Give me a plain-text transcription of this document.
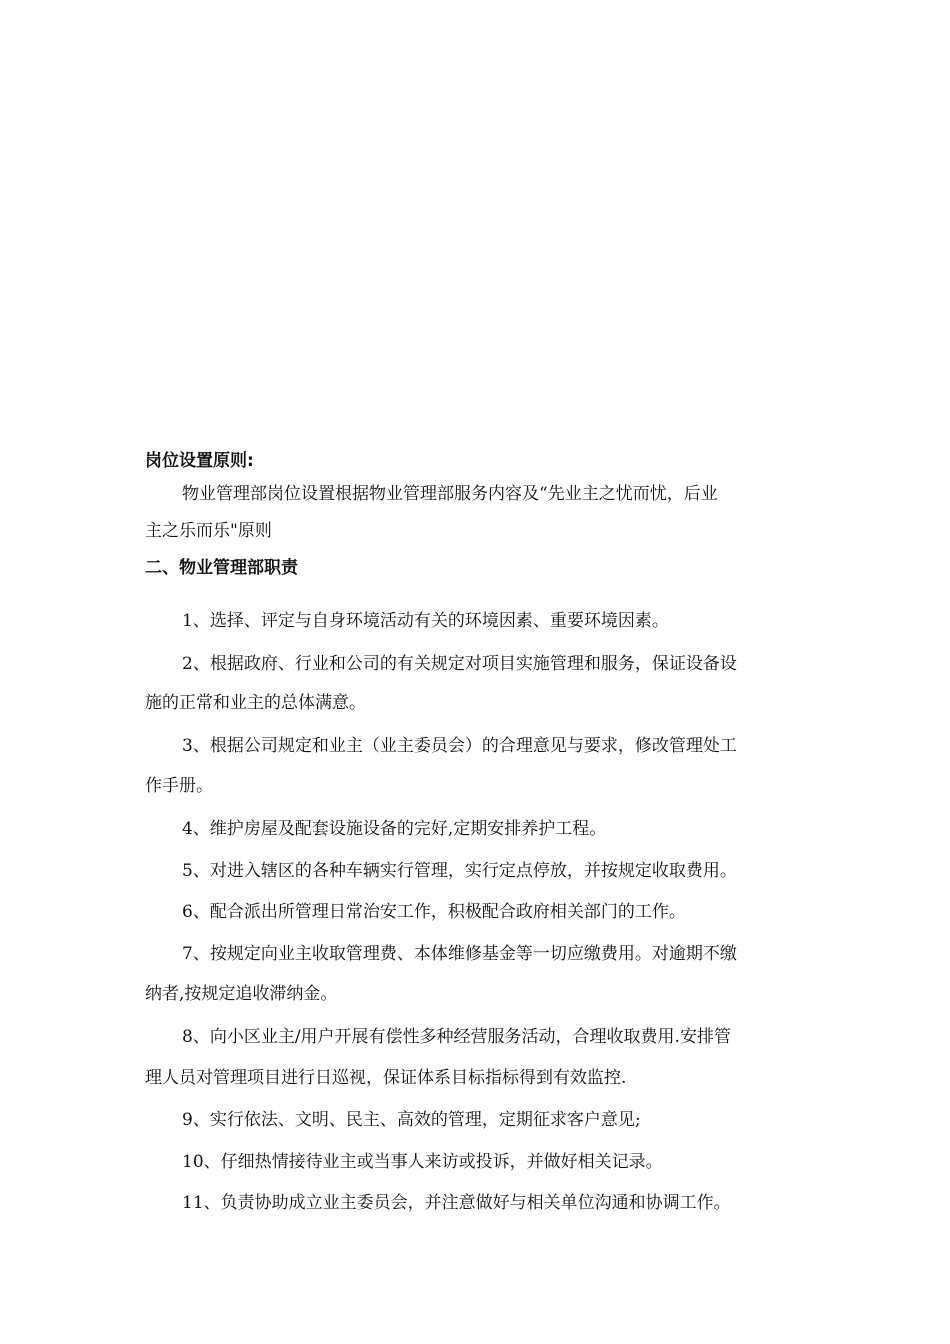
岗位设置原则:
物业管理部岗位设置根据物业管理部服务内容及“先业主之忧而忧，后业
主之乐而乐"原则
二、物业管理部职责
1、选择、评定与自身环境活动有关的环境因素、重要环境因素。
2、根据政府、行业和公司的有关规定对项目实施管理和服务，保证设备设
施的正常和业主的总体满意。
3、根据公司规定和业主（业主委员会）的合理意见与要求，修改管理处工
作手册。
4、维护房屋及配套设施设备的完好,定期安排养护工程。
5、对进入辖区的各种车辆实行管理，实行定点停放，并按规定收取费用。
6、配合派出所管理日常治安工作，积极配合政府相关部门的工作。
7、按规定向业主收取管理费、本体维修基金等一切应缴费用。对逾期不缴
纳者,按规定追收滞纳金。
8、向小区业主/用户开展有偿性多种经营服务活动，合理收取费用.安排管
理人员对管理项目进行日巡视，保证体系目标指标得到有效监控.
9、实行依法、文明、民主、高效的管理，定期征求客户意见;
10、仔细热情接待业主或当事人来访或投诉，并做好相关记录。
11、负责协助成立业主委员会，并注意做好与相关单位沟通和协调工作。
